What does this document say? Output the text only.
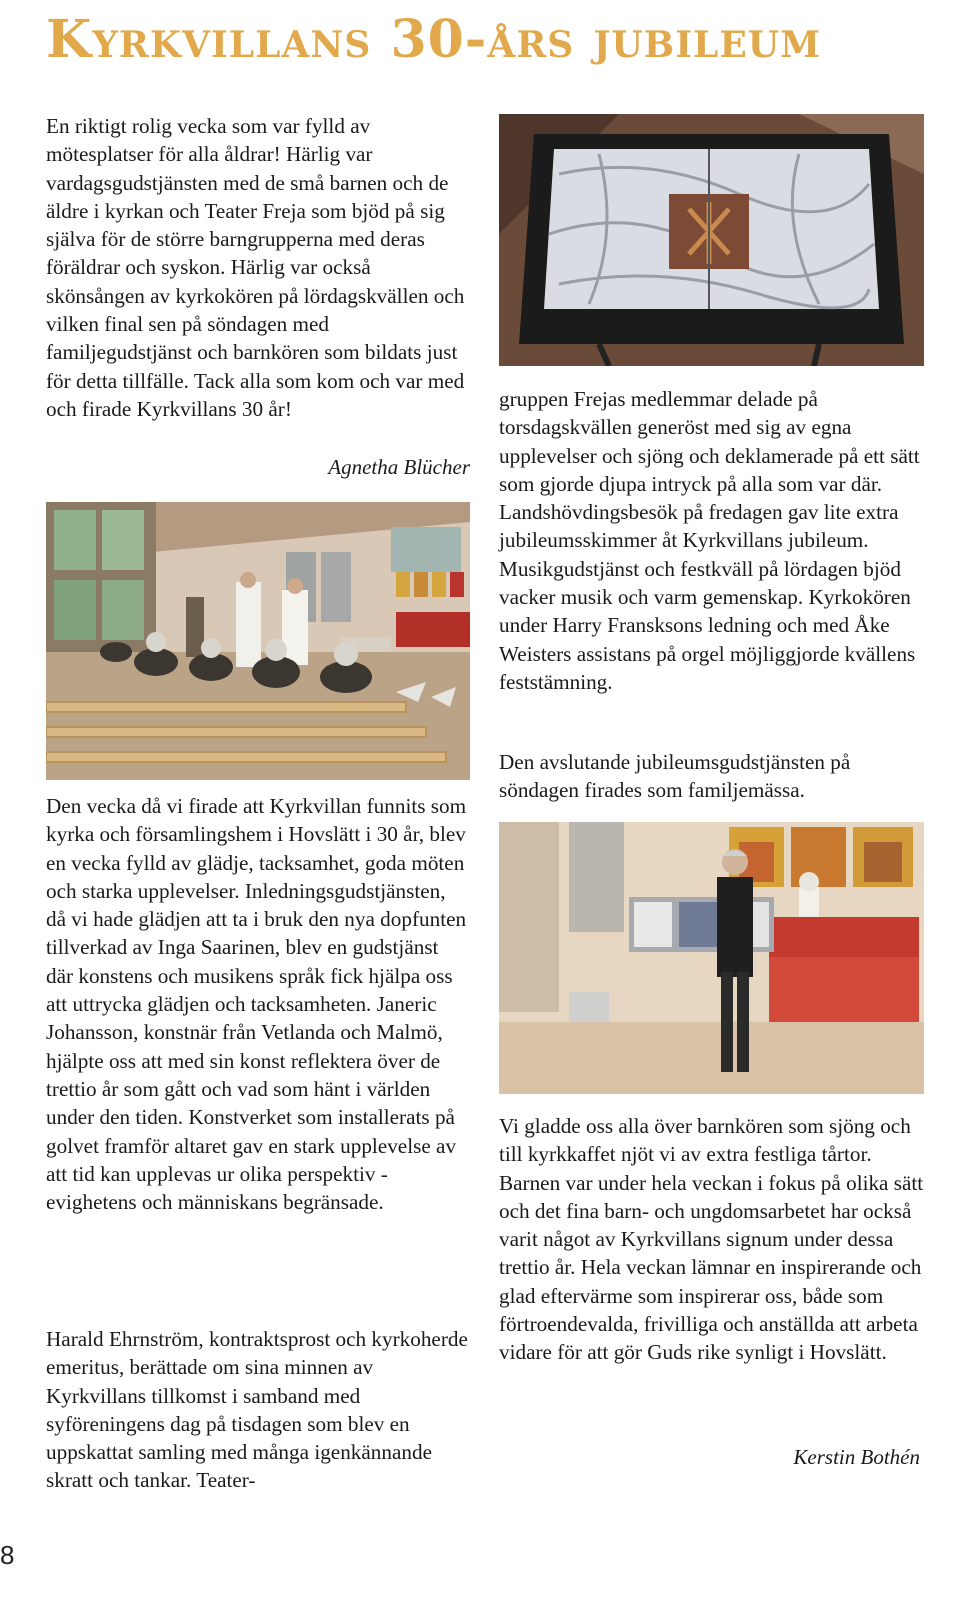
Kyrkvillans 30-års jubileum

En riktigt rolig vecka som var fylld av mötesplatser för alla åldrar! Härlig var vardagsgudstjänsten med de små barnen och de äldre i kyrkan och Teater Freja som bjöd på sig själva för de större barngrupperna med deras föräldrar och syskon. Härlig var också skönsången av kyrkokören på lördagskvällen och vilken final sen på söndagen med familjegudstjänst och barnkören som bildats just för detta tillfälle. Tack alla som kom och var med och firade Kyrkvillans 30 år!

Agnetha Blücher

Den vecka då vi firade att Kyrkvillan funnits som kyrka och församlingshem i Hovslätt i 30 år, blev en vecka fylld av glädje, tacksamhet, goda möten och starka upplevelser. Inledningsgudstjänsten, då vi hade glädjen att ta i bruk den nya dopfunten tillverkad av Inga Saarinen, blev en gudstjänst där konstens och musikens språk fick hjälpa oss att uttrycka glädjen och tacksamheten. Janeric Johansson, konstnär från Vetlanda och Malmö, hjälpte oss att med sin konst reflektera över de trettio år som gått och vad som hänt i världen under den tiden. Konstverket som installerats på golvet framför altaret gav en stark upplevelse av att tid kan upplevas ur olika perspektiv - evighetens och människans begränsade.

Harald Ehrnström, kontraktsprost och kyrkoherde emeritus, berättade om sina minnen av Kyrkvillans tillkomst i samband med syföreningens dag på tisdagen som blev en uppskattat samling med många igenkännande skratt och tankar. Teater-

gruppen Frejas medlemmar delade på torsdagskvällen generöst med sig av egna upplevelser och sjöng och deklamerade på ett sätt som gjorde djupa intryck på alla som var där. Landshövdingsbesök på fredagen gav lite extra jubileumsskimmer åt Kyrkvillans jubileum. Musikgudstjänst och festkväll på lördagen bjöd vacker musik och varm gemenskap. Kyrkokören under Harry Fransksons ledning och med Åke Weisters assistans på orgel möjliggjorde kvällens feststämning.

Den avslutande jubileumsgudstjänsten på söndagen firades som familjemässa.

Vi gladde oss alla över barnkören som sjöng och till kyrkkaffet njöt vi av extra festliga tårtor. Barnen var under hela veckan i fokus på olika sätt och det fina barn- och ungdomsarbetet har också varit något av Kyrkvillans signum under dessa trettio år. Hela veckan lämnar en inspirerande och glad eftervärme som inspirerar oss, både som förtroendevalda, frivilliga och anställda att arbeta vidare för att gör Guds rike synligt i Hovslätt.

Kerstin Bothén

8
